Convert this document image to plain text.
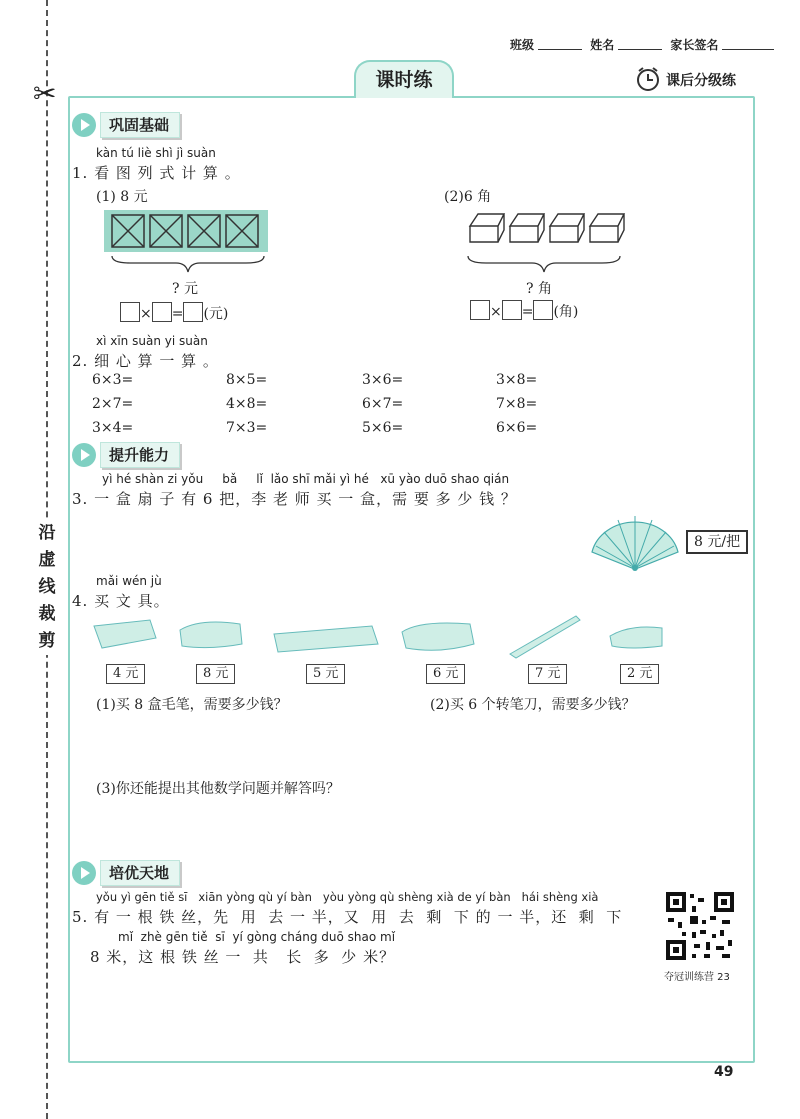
✂
沿
虚
线
裁
剪
班级	姓名	家长签名
课时练	课后分级练
巩固基础
kàn tú liè shì jì suàn
1. 看 图 列 式 计 算 。
(1) 8 元
? 元
× = (元)
(2)6 角
? 角
× = (角)
xì xīn suàn yi suàn
2. 细 心 算 一 算 。
6×3=	8×5=	3×6=	3×8=
2×7=	4×8=	6×7=	7×8=
3×4=	7×3=	5×6=	6×6=
提升能力
yì hé shàn zi yǒu     bǎ     lǐ  lǎo shī mǎi yì hé   xū yào duō shao qián
3. 一 盒 扇 子 有 6 把，李 老 师 买 一 盒，需 要 多 少 钱 ？
8 元/把
mǎi wén jù
4. 买 文 具。
4 元	8 元	5 元	6 元	7 元	2 元
(1)买 8 盒毛笔，需要多少钱？	(2)买 6 个转笔刀，需要多少钱？
(3)你还能提出其他数学问题并解答吗？
培优天地
yǒu yì gēn tiě sī   xiān yòng qù yí bàn   yòu yòng qù shèng xià de yí bàn   hái shèng xià
5. 有 一 根 铁 丝，先  用  去 一 半，又  用  去  剩  下 的 一 半，还  剩  下
mǐ  zhè gēn tiě  sī  yí gòng cháng duō shao mǐ
8 米，这 根 铁 丝 一  共   长  多  少 米？
夺冠训练营 23
49
